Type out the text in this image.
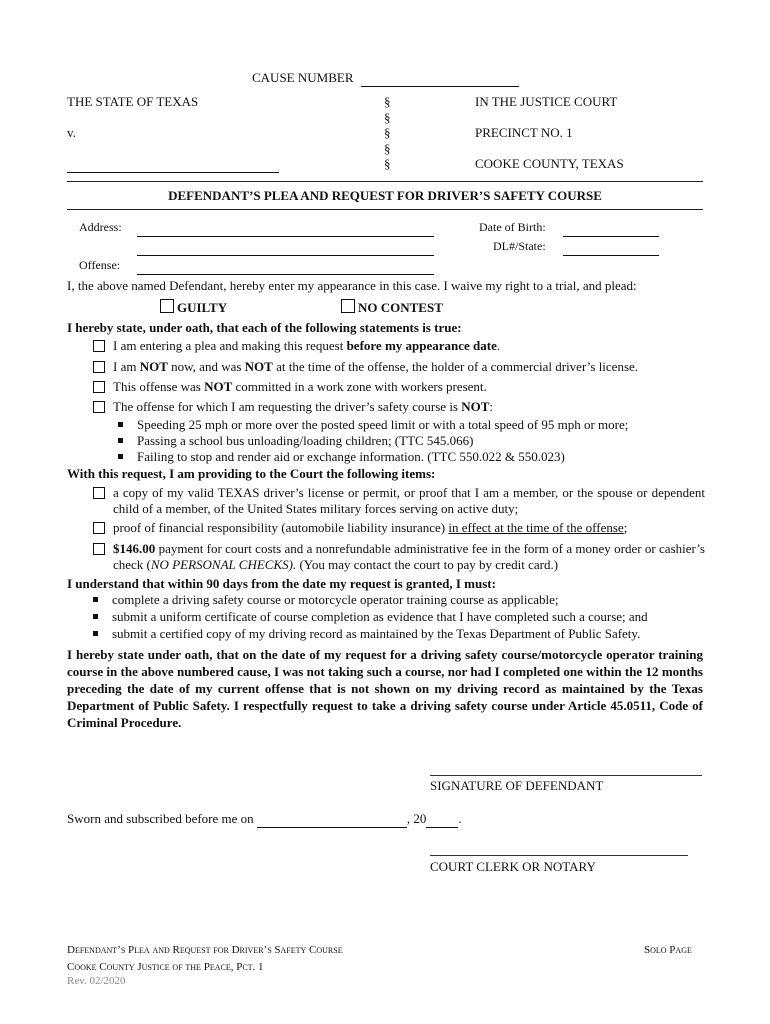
CAUSE NUMBER
THE STATE OF TEXAS
v.

§
§
§
§
§
IN THE JUSTICE COURT
PRECINCT NO. 1
COOKE COUNTY, TEXAS
DEFENDANT’S PLEA AND REQUEST FOR DRIVER’S SAFETY COURSE
Address:

Offense:

Date of Birth:

DL#/State:

I, the above named Defendant, hereby enter my appearance in this case. I waive my right to a trial, and plead:
GUILTY	NO CONTEST
I hereby state, under oath, that each of the following statements is true:
I am entering a plea and making this request before my appearance date.
I am NOT now, and was NOT at the time of the offense, the holder of a commercial driver’s license.
This offense was NOT committed in a work zone with workers present.
The offense for which I am requesting the driver’s safety course is NOT:
Speeding 25 mph or more over the posted speed limit or with a total speed of 95 mph or more;
Passing a school bus unloading/loading children; (TTC 545.066)
Failing to stop and render aid or exchange information. (TTC 550.022 & 550.023)
With this request, I am providing to the Court the following items:
a copy of my valid TEXAS driver’s license or permit, or proof that I am a member, or the spouse or dependent child of a member, of the United States military forces serving on active duty;
proof of financial responsibility (automobile liability insurance) in effect at the time of the offense;
$146.00 payment for court costs and a nonrefundable administrative fee in the form of a money order or cashier’s check (NO PERSONAL CHECKS). (You may contact the court to pay by credit card.)
I understand that within 90 days from the date my request is granted, I must:
complete a driving safety course or motorcycle operator training course as applicable;
submit a uniform certificate of course completion as evidence that I have completed such a course; and
submit a certified copy of my driving record as maintained by the Texas Department of Public Safety.
I hereby state under oath, that on the date of my request for a driving safety course/motorcycle operator training course in the above numbered cause, I was not taking such a course, nor had I completed one within the 12 months preceding the date of my current offense that is not shown on my driving record as maintained by the Texas Department of Public Safety. I respectfully request to take a driving safety course under Article 45.0511, Code of Criminal Procedure.
SIGNATURE OF DEFENDANT
Sworn and subscribed before me on	, 20 .
COURT CLERK OR NOTARY
Defendant’s Plea and Request for Driver’s Safety Course
Cooke County Justice of the Peace, Pct. 1
Rev. 02/2020
Solo Page
